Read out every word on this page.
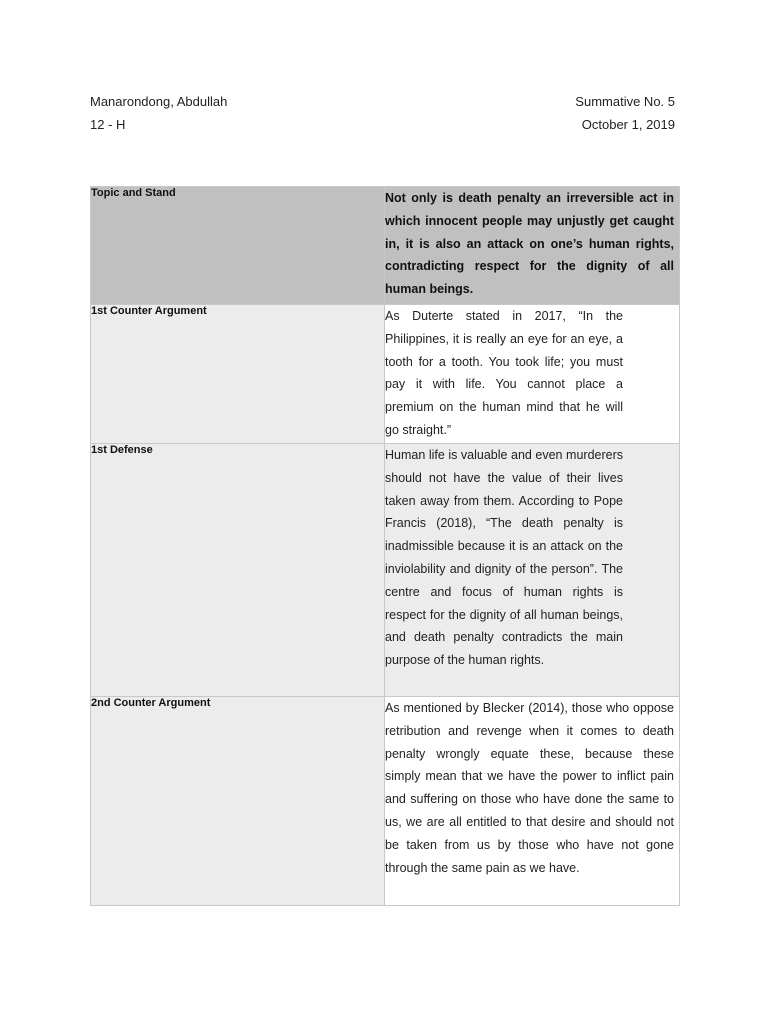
Manarondong, Abdullah
12 - H
Summative No. 5
October 1, 2019
Topic and Stand	Not only is death penalty an irreversible act in which innocent people may unjustly get caught in, it is also an attack on one’s human rights, contradicting respect for the dignity of all human beings.

1st Counter Argument	As Duterte stated in 2017, “In the Philippines, it is really an eye for an eye, a tooth for a tooth. You took life; you must pay it with life. You cannot place a premium on the human mind that he will go straight.”

1st Defense	Human life is valuable and even murderers should not have the value of their lives taken away from them. According to Pope Francis (2018), “The death penalty is inadmissible because it is an attack on the inviolability and dignity of the person”. The centre and focus of human rights is respect for the dignity of all human beings, and death penalty contradicts the main purpose of the human rights.

2nd Counter Argument	As mentioned by Blecker (2014), those who oppose retribution and revenge when it comes to death penalty wrongly equate these, because these simply mean that we have the power to inflict pain and suffering on those who have done the same to us, we are all entitled to that desire and should not be taken from us by those who have not gone through the same pain as we have.
